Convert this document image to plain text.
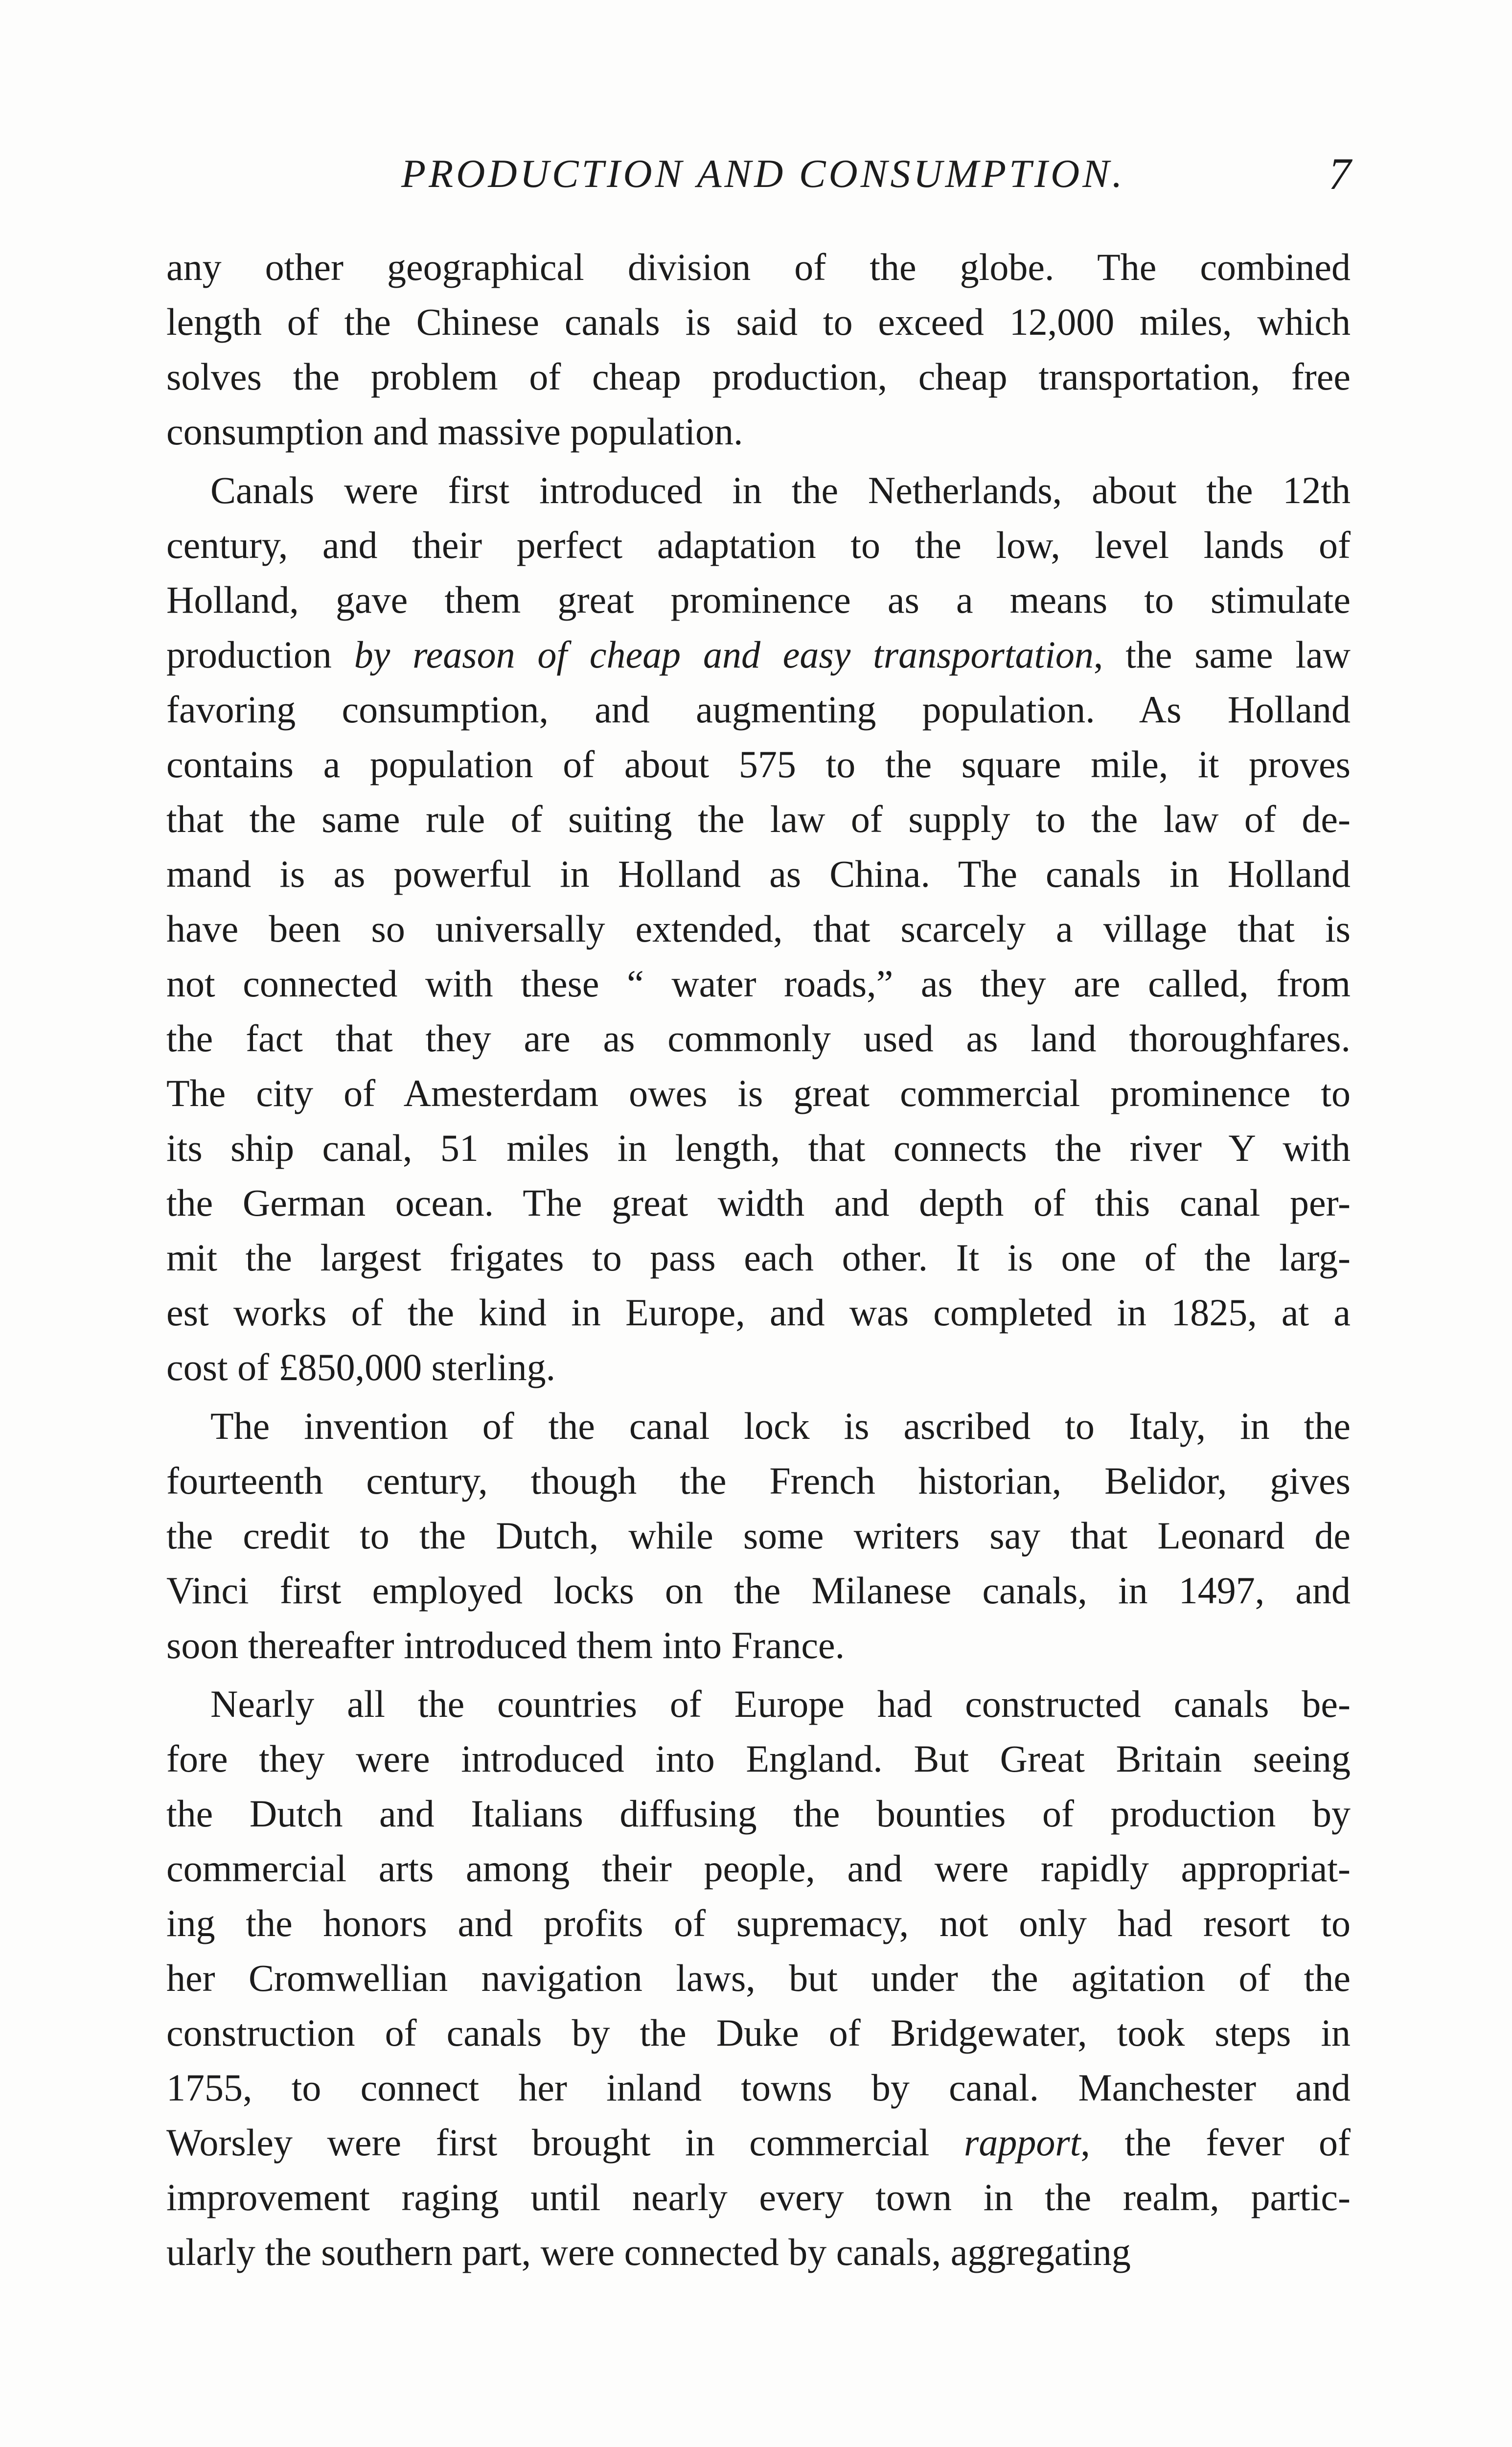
PRODUCTION AND CONSUMPTION.	7
any other geographical division of the globe. The combined
length of the Chinese canals is said to exceed 12,000 miles, which
solves the problem of cheap production, cheap transportation, free
consumption and massive population.
Canals were first introduced in the Netherlands, about the 12th
century, and their perfect adaptation to the low, level lands of
Holland, gave them great prominence as a means to stimulate
production by reason of cheap and easy transportation, the same law
favoring consumption, and augmenting population. As Holland
contains a population of about 575 to the square mile, it proves
that the same rule of suiting the law of supply to the law of de-
mand is as powerful in Holland as China. The canals in Holland
have been so universally extended, that scarcely a village that is
not connected with these “ water roads,” as they are called, from
the fact that they are as commonly used as land thoroughfares.
The city of Amesterdam owes is great commercial prominence to
its ship canal, 51 miles in length, that connects the river Y with
the German ocean. The great width and depth of this canal per-
mit the largest frigates to pass each other. It is one of the larg-
est works of the kind in Europe, and was completed in 1825, at a
cost of £850,000 sterling.
The invention of the canal lock is ascribed to Italy, in the
fourteenth century, though the French historian, Belidor, gives
the credit to the Dutch, while some writers say that Leonard de
Vinci first employed locks on the Milanese canals, in 1497, and
soon thereafter introduced them into France.
Nearly all the countries of Europe had constructed canals be-
fore they were introduced into England. But Great Britain seeing
the Dutch and Italians diffusing the bounties of production by
commercial arts among their people, and were rapidly appropriat-
ing the honors and profits of supremacy, not only had resort to
her Cromwellian navigation laws, but under the agitation of the
construction of canals by the Duke of Bridgewater, took steps in
1755, to connect her inland towns by canal. Manchester and
Worsley were first brought in commercial rapport, the fever of
improvement raging until nearly every town in the realm, partic-
ularly the southern part, were connected by canals, aggregating
